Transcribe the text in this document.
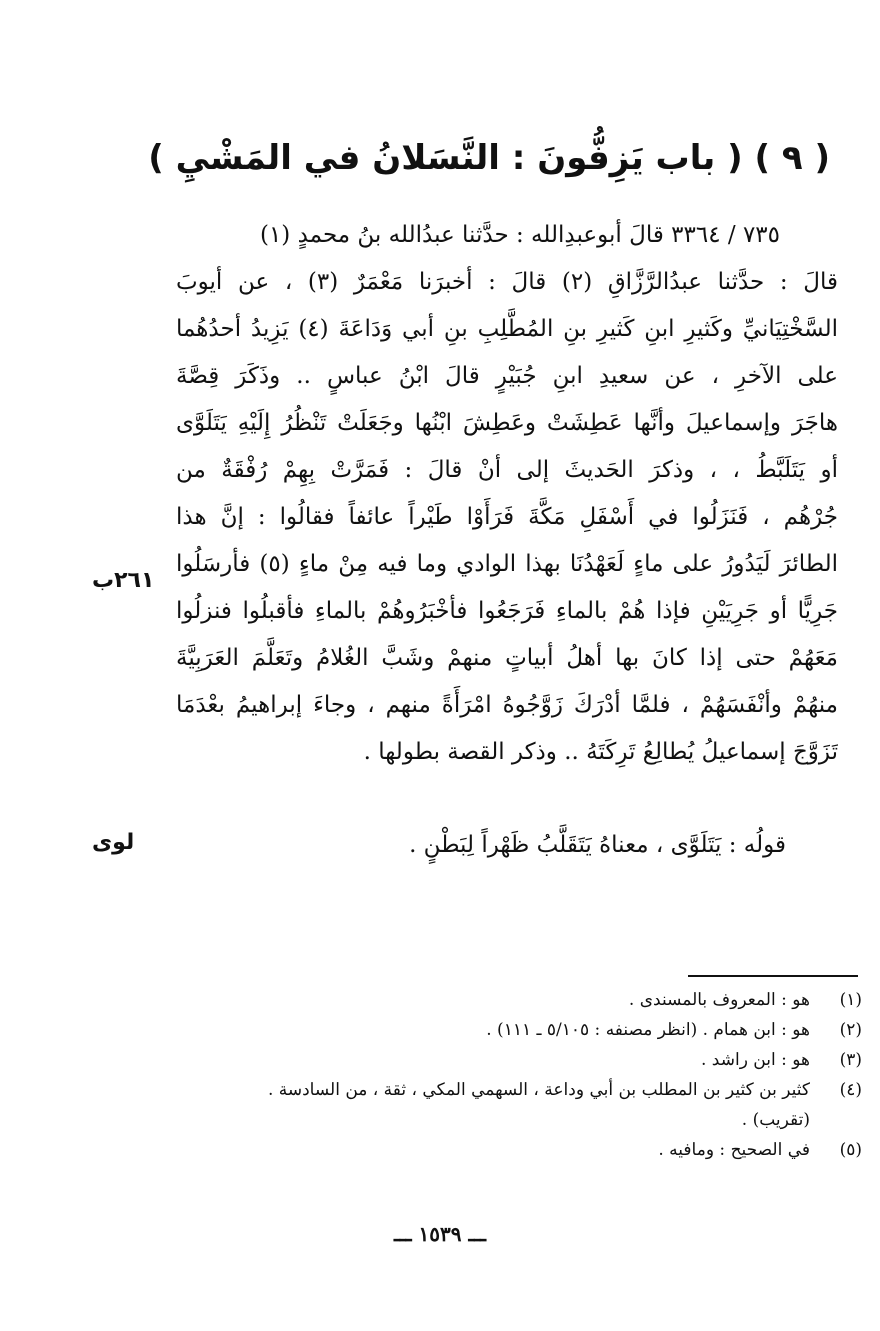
( ٩ ) ( باب يَزِفُّونَ : النَّسَلانُ في المَشْيِ )
٧٣٥ / ٣٣٦٤ قالَ أبوعبدِالله : حدَّثنا عبدُالله بنُ محمدٍ (١)
قالَ : حدَّثنا عبدُالرَّزَّاقِ (٢) قالَ : أخبرَنا مَعْمَرٌ (٣) ، عن أيوبَ
السَّخْتِيَانيِّ وكَثيرِ ابنِ كَثيرِ بنِ المُطَّلِبِ بنِ أبي وَدَاعَةَ (٤) يَزِيدُ أحدُهُما
على الآخرِ ، عن سعيدِ ابنِ جُبَيْرٍ قالَ ابْنُ عباسٍ .. وذَكَرَ قِصَّةَ
هاجَرَ وإسماعيلَ وأنَّها عَطِشَتْ وعَطِشَ ابْنُها وجَعَلَتْ تَنْظُرُ إِلَيْهِ يَتَلَوَّى
أو يَتَلَبَّطُ ، ، وذكرَ الحَديثَ إلى أنْ قالَ : فَمَرَّتْ بِهِمْ رُفْقَةٌ من
جُرْهُم ، فَنَزَلُوا في أَسْفَلِ مَكَّةَ فَرَأَوْا طَيْراً عائفاً فقالُوا : إنَّ هذا
الطائرَ لَيَدُورُ على ماءٍ لَعَهْدُنَا بهذا الوادي وما فيه مِنْ ماءٍ (٥) فأرسَلُوا
جَرِيًّا أو جَرِيَيْنِ فإذا هُمْ بالماءِ فَرَجَعُوا فأخْبَرُوهُمْ بالماءِ فأقبلُوا فنزلُوا
مَعَهُمْ حتى إذا كانَ بها أهلُ أبياتٍ منهمْ وشَبَّ الغُلامُ وتَعَلَّمَ العَرَبِيَّةَ
منهُمْ وأنْفَسَهُمْ ، فلمَّا أدْرَكَ زَوَّجُوهُ امْرَأَةً منهم ، وجاءَ إبراهيمُ بعْدَمَا
تَزَوَّجَ إسماعيلُ يُطالِعُ تَرِكَتَهُ .. وذكر القصة بطولها .
٢٦١ب
قولُه : يَتَلَوَّى ، معناهُ يَتَقَلَّبُ ظَهْراً لِبَطْنٍ .
لوى
(١)
هو : المعروف بالمسندى .
(٢)
هو : ابن همام . (انظر مصنفه : ٥/١٠٥ ـ ١١١) .
(٣)
هو : ابن راشد .
(٤)
كثير بن كثير بن المطلب بن أبي وداعة ، السهمي المكي ، ثقة ، من السادسة .
(تقريب) .
(٥)
في الصحيح : ومافيه .
ـــ ١٥٣٩ ـــ
